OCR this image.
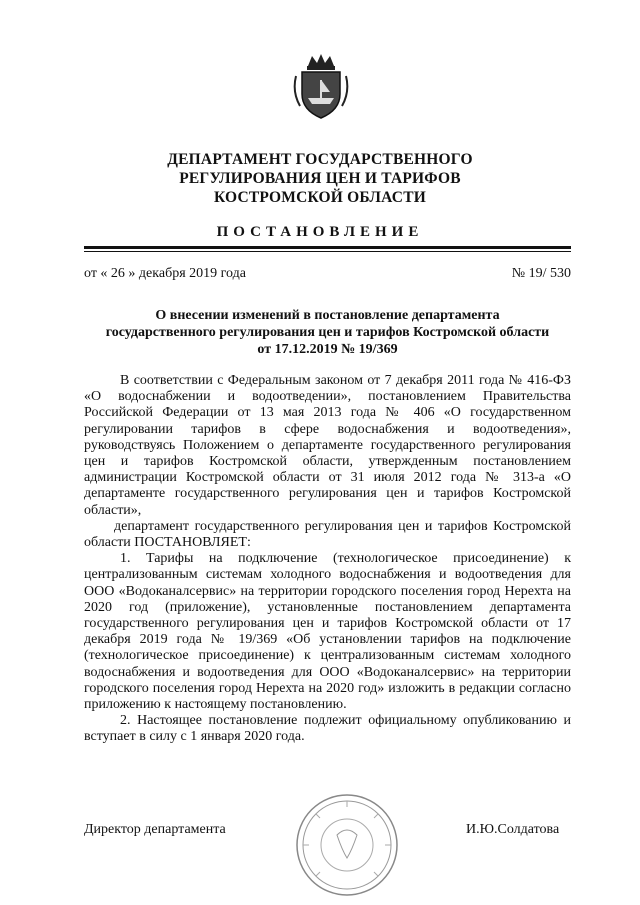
ДЕПАРТАМЕНТ ГОСУДАРСТВЕННОГО
РЕГУЛИРОВАНИЯ ЦЕН И ТАРИФОВ
КОСТРОМСКОЙ ОБЛАСТИ
ПОСТАНОВЛЕНИЕ
от « 26 » декабря 2019 года	№ 19/ 530
О внесении изменений в постановление департамента
государственного регулирования цен и тарифов Костромской области
от 17.12.2019 № 19/369

В соответствии с Федеральным законом от 7 декабря 2011 года № 416-ФЗ «О водоснабжении и водоотведении», постановлением Правительства Российской Федерации от 13 мая 2013 года № 406 «О государственном регулировании тарифов в сфере водоснабжения и водоотведения», руководствуясь Положением о департаменте государственного регулирования цен и тарифов Костромской области, утвержденным постановлением администрации Костромской области от 31 июля 2012 года № 313-а «О департаменте государственного регулирования цен и тарифов Костромской области»,

департамент государственного регулирования цен и тарифов Костромской области ПОСТАНОВЛЯЕТ:

1. Тарифы на подключение (технологическое присоединение) к централизованным системам холодного водоснабжения и водоотведения для ООО «Водоканалсервис» на территории городского поселения город Нерехта на 2020 год (приложение), установленные постановлением департамента государственного регулирования цен и тарифов Костромской области от 17 декабря 2019 года № 19/369 «Об установлении тарифов на подключение (технологическое присоединение) к централизованным системам холодного водоснабжения и водоотведения для ООО «Водоканалсервис» на территории городского поселения город Нерехта на 2020 год» изложить в редакции согласно приложению к настоящему постановлению.

2. Настоящее постановление подлежит официальному опубликованию и вступает в силу с 1 января 2020 года.

Директор департамента	И.Ю.Солдатова
